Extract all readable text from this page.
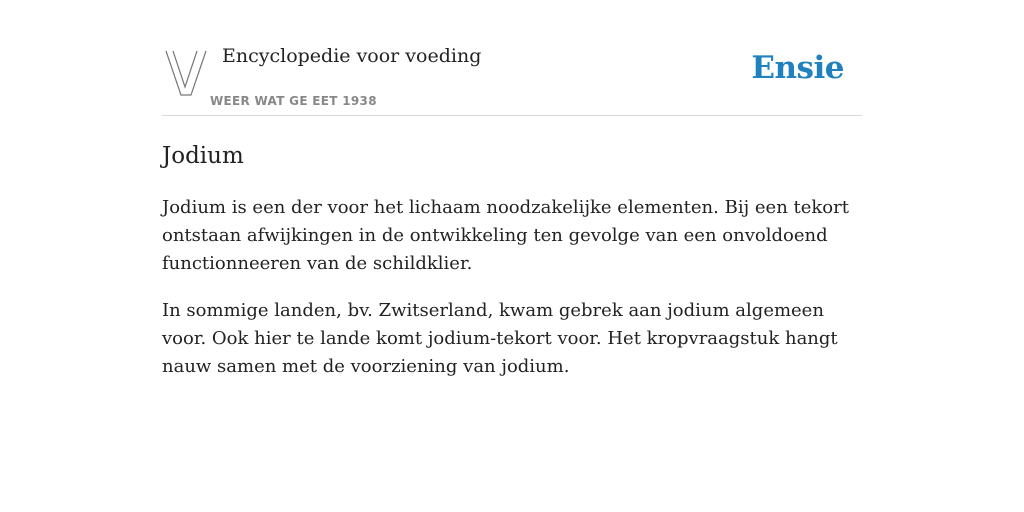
Encyclopedie voor voeding
WEER WAT GE EET 1938
Ensie
Jodium

Jodium is een der voor het lichaam noodzakelijke elementen. Bij een tekort ontstaan afwijkingen in de ontwikkeling ten gevolge van een onvoldoend functionneeren van de schildklier.

In sommige landen, bv. Zwitserland, kwam gebrek aan jodium algemeen voor. Ook hier te lande komt jodium-tekort voor. Het kropvraagstuk hangt nauw samen met de voorziening van jodium.
